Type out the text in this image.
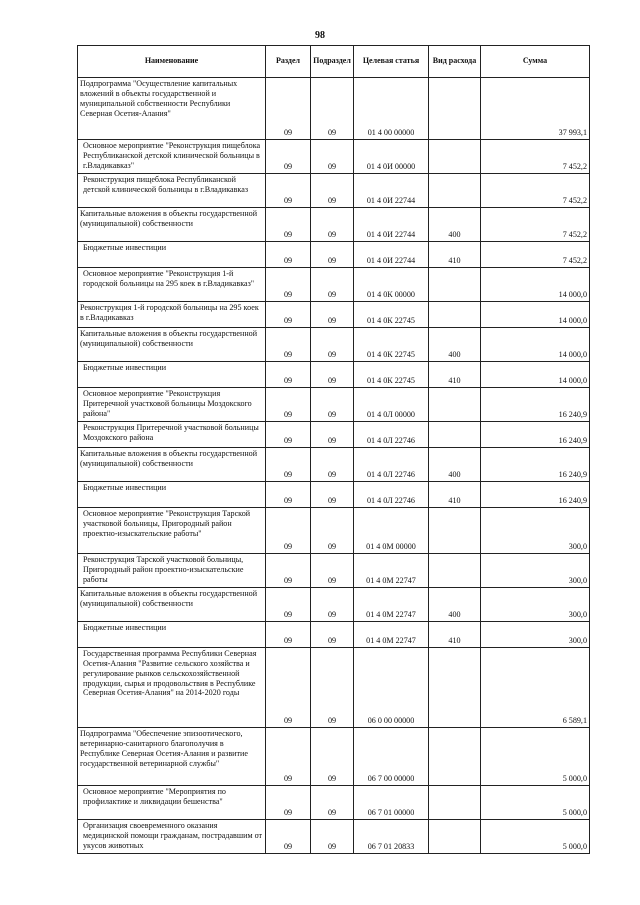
98
Наименование	Раздел	Подраздел	Целевая статья	Вид расхода	Сумма
Подпрограмма "Осуществление капитальных вложений в объекты государственной и муниципальной собственности Республики Северная Осетия-Алания"	09	09	01 4 00 00000		37 993,1
Основное мероприятие "Реконструкция пищеблока Республиканской детской клинической больницы в г.Владикавказ"	09	09	01 4 0И 00000		7 452,2
Реконструкция пищеблока Республиканской детской клинической больницы в г.Владикавказ	09	09	01 4 0И 22744		7 452,2
Капитальные вложения в объекты государственной (муниципальной) собственности	09	09	01 4 0И 22744	400	7 452,2
Бюджетные инвестиции	09	09	01 4 0И 22744	410	7 452,2
Основное мероприятие "Реконструкция 1-й городской больницы на 295 коек в г.Владикавказ"	09	09	01 4 0К 00000		14 000,0
Реконструкция 1-й городской больницы на 295 коек в г.Владикавказ	09	09	01 4 0К 22745		14 000,0
Капитальные вложения в объекты государственной (муниципальной) собственности	09	09	01 4 0К 22745	400	14 000,0
Бюджетные инвестиции	09	09	01 4 0К 22745	410	14 000,0
Основное мероприятие "Реконструкция Притеречной участковой больницы Моздокского района"	09	09	01 4 0Л 00000		16 240,9
Реконструкция Притеречной участковой больницы Моздокского района	09	09	01 4 0Л 22746		16 240,9
Капитальные вложения в объекты государственной (муниципальной) собственности	09	09	01 4 0Л 22746	400	16 240,9
Бюджетные инвестиции	09	09	01 4 0Л 22746	410	16 240,9
Основное мероприятие "Реконструкция Тарской участковой больницы, Пригородный район проектно-изыскательские работы"	09	09	01 4 0М 00000		300,0
Реконструкция Тарской участковой больницы, Пригородный район проектно-изыскательские работы	09	09	01 4 0М 22747		300,0
Капитальные вложения в объекты государственной (муниципальной) собственности	09	09	01 4 0М 22747	400	300,0
Бюджетные инвестиции	09	09	01 4 0М 22747	410	300,0
Государственная программа Республики Северная Осетия-Алания "Развитие сельского хозяйства и регулирование рынков сельскохозяйственной продукции, сырья и продовольствия в Республике Северная Осетия-Алания" на 2014-2020 годы	09	09	06 0 00 00000		6 589,1
Подпрограмма "Обеспечение эпизоотического, ветеринарно-санитарного благополучия в Республике Северная Осетия-Алания и развитие государственной ветеринарной службы"	09	09	06 7 00 00000		5 000,0
Основное мероприятие "Мероприятия по профилактике и ликвидации бешенства"	09	09	06 7 01 00000		5 000,0
Организация своевременного оказания медицинской помощи гражданам, пострадавшим от укусов животных	09	09	06 7 01 20833		5 000,0
